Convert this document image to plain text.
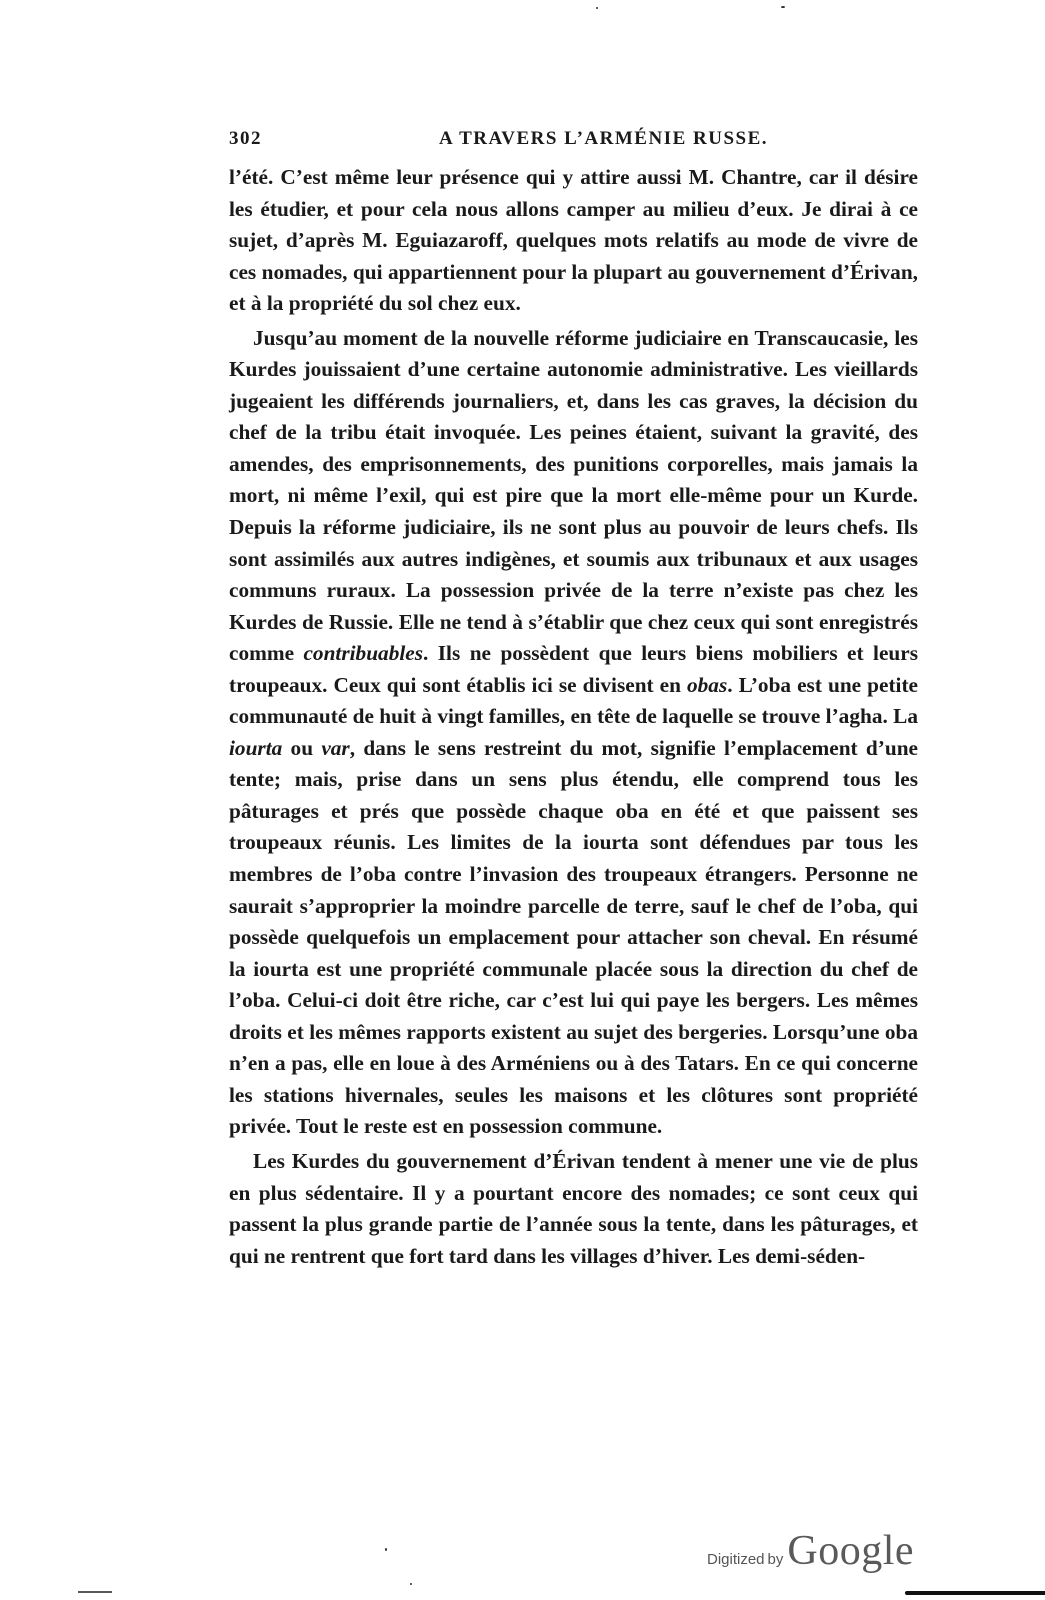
302	A TRAVERS L’ARMÉNIE RUSSE.

l’été. C’est même leur présence qui y attire aussi M. Chantre, car il désire les étudier, et pour cela nous allons camper au milieu d’eux. Je dirai à ce sujet, d’après M. Eguiazaroff, quelques mots relatifs au mode de vivre de ces nomades, qui appartiennent pour la plupart au gouvernement d’Érivan, et à la propriété du sol chez eux.

Jusqu’au moment de la nouvelle réforme judiciaire en Transcaucasie, les Kurdes jouissaient d’une certaine autonomie administrative. Les vieillards jugeaient les différends journaliers, et, dans les cas graves, la décision du chef de la tribu était invoquée. Les peines étaient, suivant la gravité, des amendes, des emprisonnements, des punitions corporelles, mais jamais la mort, ni même l’exil, qui est pire que la mort elle-même pour un Kurde. Depuis la réforme judiciaire, ils ne sont plus au pouvoir de leurs chefs. Ils sont assimilés aux autres indigènes, et soumis aux tribunaux et aux usages communs ruraux. La possession privée de la terre n’existe pas chez les Kurdes de Russie. Elle ne tend à s’établir que chez ceux qui sont enregistrés comme contribuables. Ils ne possèdent que leurs biens mobiliers et leurs troupeaux. Ceux qui sont établis ici se divisent en obas. L’oba est une petite communauté de huit à vingt familles, en tête de laquelle se trouve l’agha. La iourta ou var, dans le sens restreint du mot, signifie l’emplacement d’une tente; mais, prise dans un sens plus étendu, elle comprend tous les pâturages et prés que possède chaque oba en été et que paissent ses troupeaux réunis. Les limites de la iourta sont défendues par tous les membres de l’oba contre l’invasion des troupeaux étrangers. Personne ne saurait s’approprier la moindre parcelle de terre, sauf le chef de l’oba, qui possède quelquefois un emplacement pour attacher son cheval. En résumé la iourta est une propriété communale placée sous la direction du chef de l’oba. Celui-ci doit être riche, car c’est lui qui paye les bergers. Les mêmes droits et les mêmes rapports existent au sujet des bergeries. Lorsqu’une oba n’en a pas, elle en loue à des Arméniens ou à des Tatars. En ce qui concerne les stations hivernales, seules les maisons et les clôtures sont propriété privée. Tout le reste est en possession commune.

Les Kurdes du gouvernement d’Érivan tendent à mener une vie de plus en plus sédentaire. Il y a pourtant encore des nomades; ce sont ceux qui passent la plus grande partie de l’année sous la tente, dans les pâturages, et qui ne rentrent que fort tard dans les villages d’hiver. Les demi-séden-

Digitized by Google
